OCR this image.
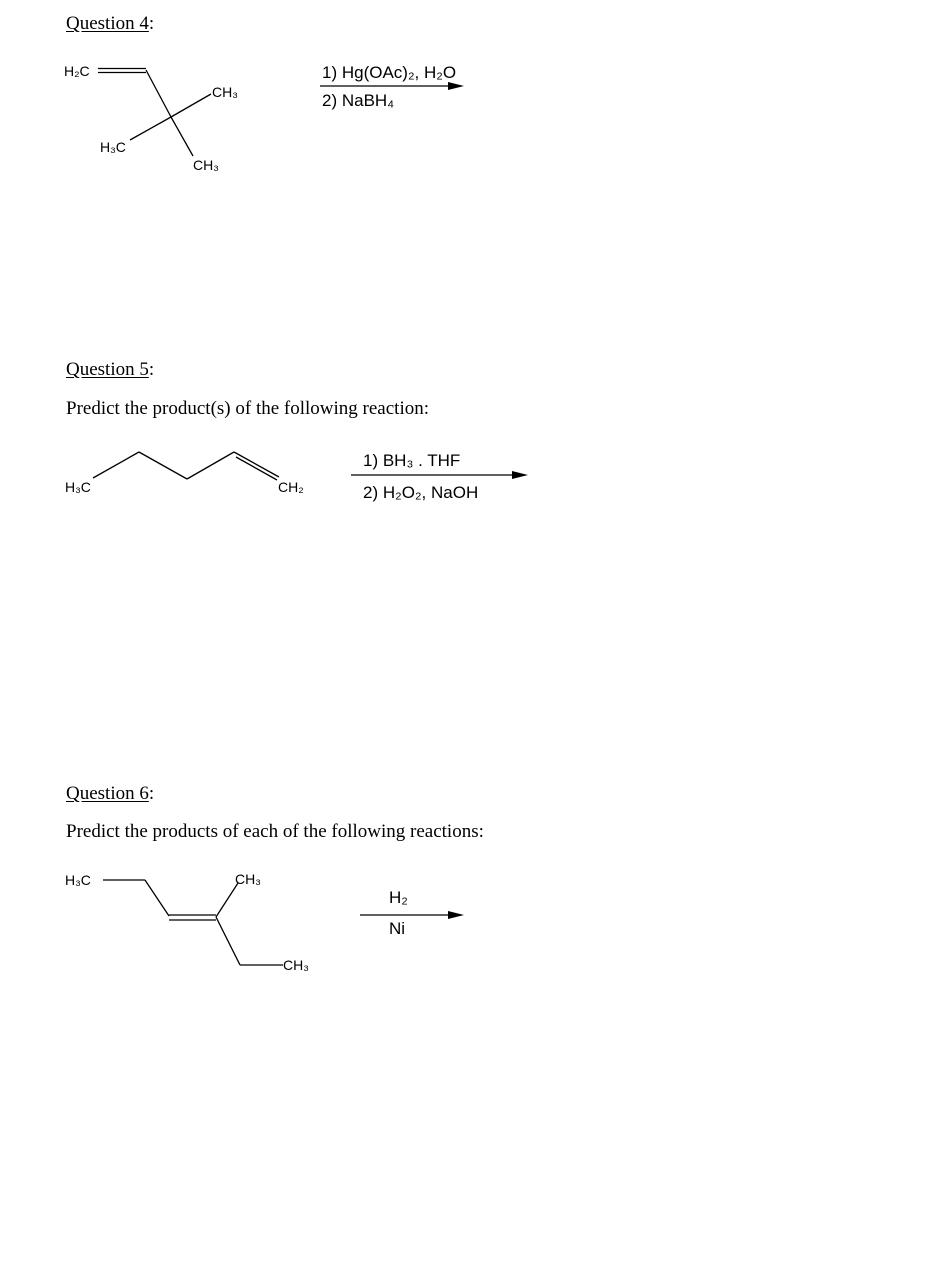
Question 4:
H₂C
CH₃
H₃C
CH₃
1) Hg(OAc)₂, H₂O
2) NaBH₄
Question 5:
Predict the product(s) of the following reaction:
H₃C	CH₂
1) BH₃ . THF
2) H₂O₂, NaOH
Question 6:
Predict the products of each of the following reactions:
H₃C	CH₃
CH₃
H₂
Ni
